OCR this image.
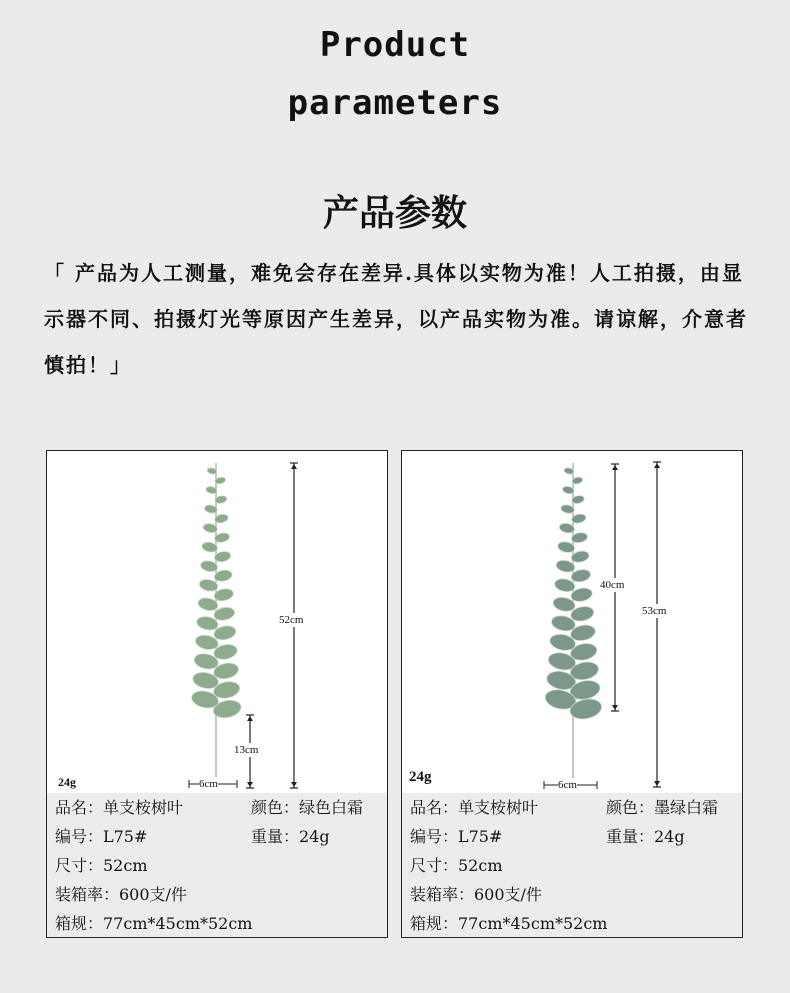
Product
parameters
产品参数
「 产品为人工测量，难免会存在差异.具体以实物为准！人工拍摄，由显示器不同、拍摄灯光等原因产生差异，以产品实物为准。请谅解，介意者慎拍！」
52cm
13cm
6cm
24g
品名：单支桉树叶	颜色：绿色白霜
编号：L75#	重量：24g
尺寸：52cm
装箱率：600支/件
箱规：77cm*45cm*52cm
40cm
53cm
6cm
24g
品名：单支桉树叶	颜色：墨绿白霜
编号：L75#	重量：24g
尺寸：52cm
装箱率：600支/件
箱规：77cm*45cm*52cm
